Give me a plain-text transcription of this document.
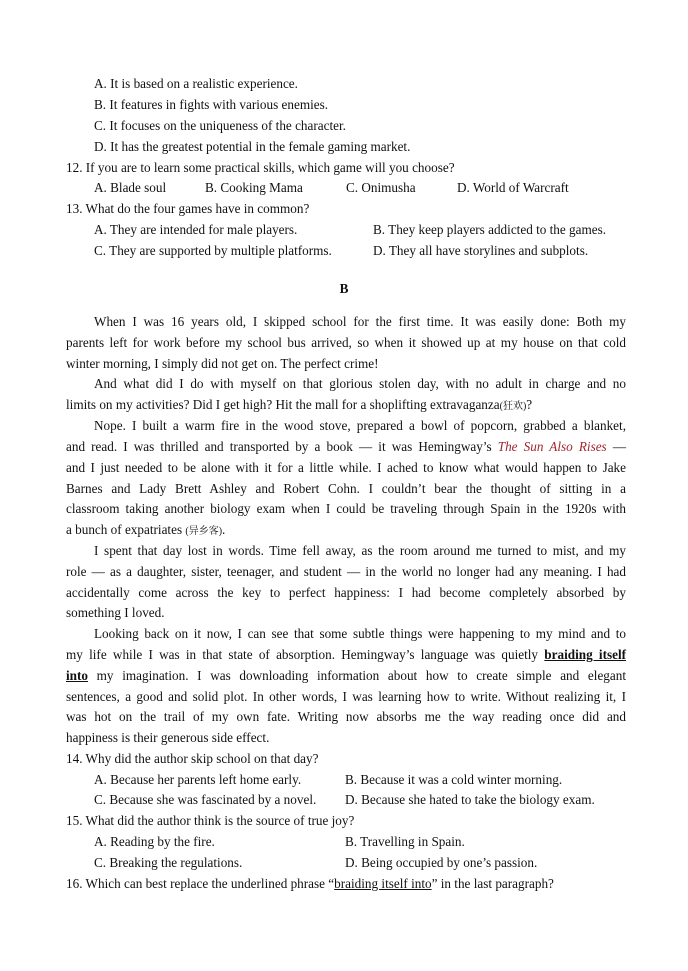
A. It is based on a realistic experience.
B. It features in fights with various enemies.
C. It focuses on the uniqueness of the character.
D. It has the greatest potential in the female gaming market.
12. If you are to learn some practical skills, which game will you choose?
A. Blade soul	B. Cooking Mama	C. Onimusha	D. World of Warcraft
13. What do the four games have in common?
A. They are intended for male players.	B. They keep players addicted to the games.
C. They are supported by multiple platforms.	D. They all have storylines and subplots.
B
When I was 16 years old, I skipped school for the first time. It was easily done: Both my
parents left for work before my school bus arrived, so when it showed up at my house on that cold
winter morning, I simply did not get on. The perfect crime!
And what did I do with myself on that glorious stolen day, with no adult in charge and no
limits on my activities? Did I get high? Hit the mall for a shoplifting extravaganza(狂欢)?
Nope. I built a warm fire in the wood stove, prepared a bowl of popcorn, grabbed a blanket,
and read. I was thrilled and transported by a book — it was Hemingway’s The Sun Also Rises —
and I just needed to be alone with it for a little while. I ached to know what would happen to Jake
Barnes and Lady Brett Ashley and Robert Cohn. I couldn’t bear the thought of sitting in a
classroom taking another biology exam when I could be traveling through Spain in the 1920s with
a bunch of expatriates (异乡客).
I spent that day lost in words. Time fell away, as the room around me turned to mist, and my
role — as a daughter, sister, teenager, and student — in the world no longer had any meaning. I had
accidentally come across the key to perfect happiness: I had become completely absorbed by
something I loved.
Looking back on it now, I can see that some subtle things were happening to my mind and to
my life while I was in that state of absorption. Hemingway’s language was quietly braiding itself
into my imagination. I was downloading information about how to create simple and elegant
sentences, a good and solid plot. In other words, I was learning how to write. Without realizing it, I
was hot on the trail of my own fate. Writing now absorbs me the way reading once did and
happiness is their generous side effect.
14. Why did the author skip school on that day?
A. Because her parents left home early.	B. Because it was a cold winter morning.
C. Because she was fascinated by a novel. D. Because she hated to take the biology exam.
15. What did the author think is the source of true joy?
A. Reading by the fire.	B. Travelling in Spain.
C. Breaking the regulations.	D. Being occupied by one’s passion.
16. Which can best replace the underlined phrase “braiding itself into” in the last paragraph?
